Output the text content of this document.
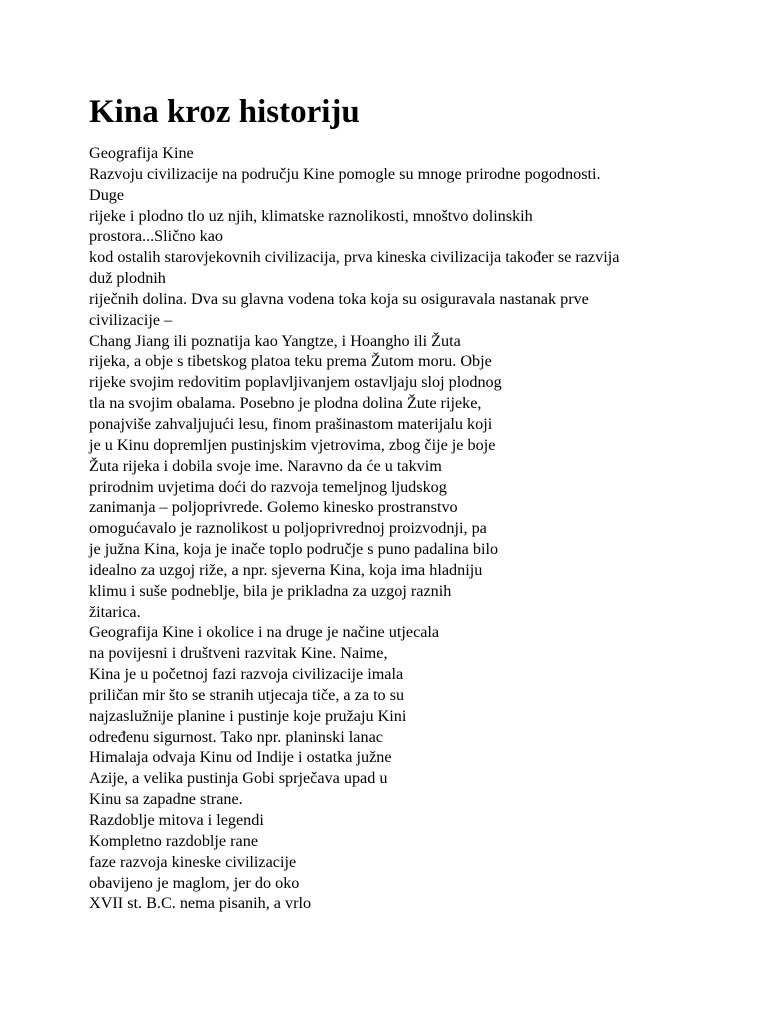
Kina kroz historiju
Geografija Kine
Razvoju civilizacije na području Kine pomogle su mnoge prirodne pogodnosti.
Duge
rijeke i plodno tlo uz njih, klimatske raznolikosti, mnoštvo dolinskih
prostora...Slično kao
kod ostalih starovjekovnih civilizacija, prva kineska civilizacija također se razvija
duž plodnih
riječnih dolina. Dva su glavna vodena toka koja su osiguravala nastanak prve
civilizacije –
Chang Jiang ili poznatija kao Yangtze, i Hoangho ili Žuta
rijeka, a obje s tibetskog platoa teku prema Žutom moru. Obje
rijeke svojim redovitim poplavljivanjem ostavljaju sloj plodnog
tla na svojim obalama. Posebno je plodna dolina Žute rijeke,
ponajviše zahvaljujući lesu, finom prašinastom materijalu koji
je u Kinu dopremljen pustinjskim vjetrovima, zbog čije je boje
Žuta rijeka i dobila svoje ime. Naravno da će u takvim
prirodnim uvjetima doći do razvoja temeljnog ljudskog
zanimanja – poljoprivrede. Golemo kinesko prostranstvo
omogućavalo je raznolikost u poljoprivrednoj proizvodnji, pa
je južna Kina, koja je inače toplo područje s puno padalina bilo
idealno za uzgoj riže, a npr. sjeverna Kina, koja ima hladniju
klimu i suše podneblje, bila je prikladna za uzgoj raznih
žitarica.
Geografija Kine i okolice i na druge je načine utjecala
na povijesni i društveni razvitak Kine. Naime,
Kina je u početnoj fazi razvoja civilizacije imala
priličan mir što se stranih utjecaja tiče, a za to su
najzaslužnije planine i pustinje koje pružaju Kini
određenu sigurnost. Tako npr. planinski lanac
Himalaja odvaja Kinu od Indije i ostatka južne
Azije, a velika pustinja Gobi sprječava upad u
Kinu sa zapadne strane.
Razdoblje mitova i legendi
Kompletno razdoblje rane
faze razvoja kineske civilizacije
obavijeno je maglom, jer do oko
XVII st. B.C. nema pisanih, a vrlo
